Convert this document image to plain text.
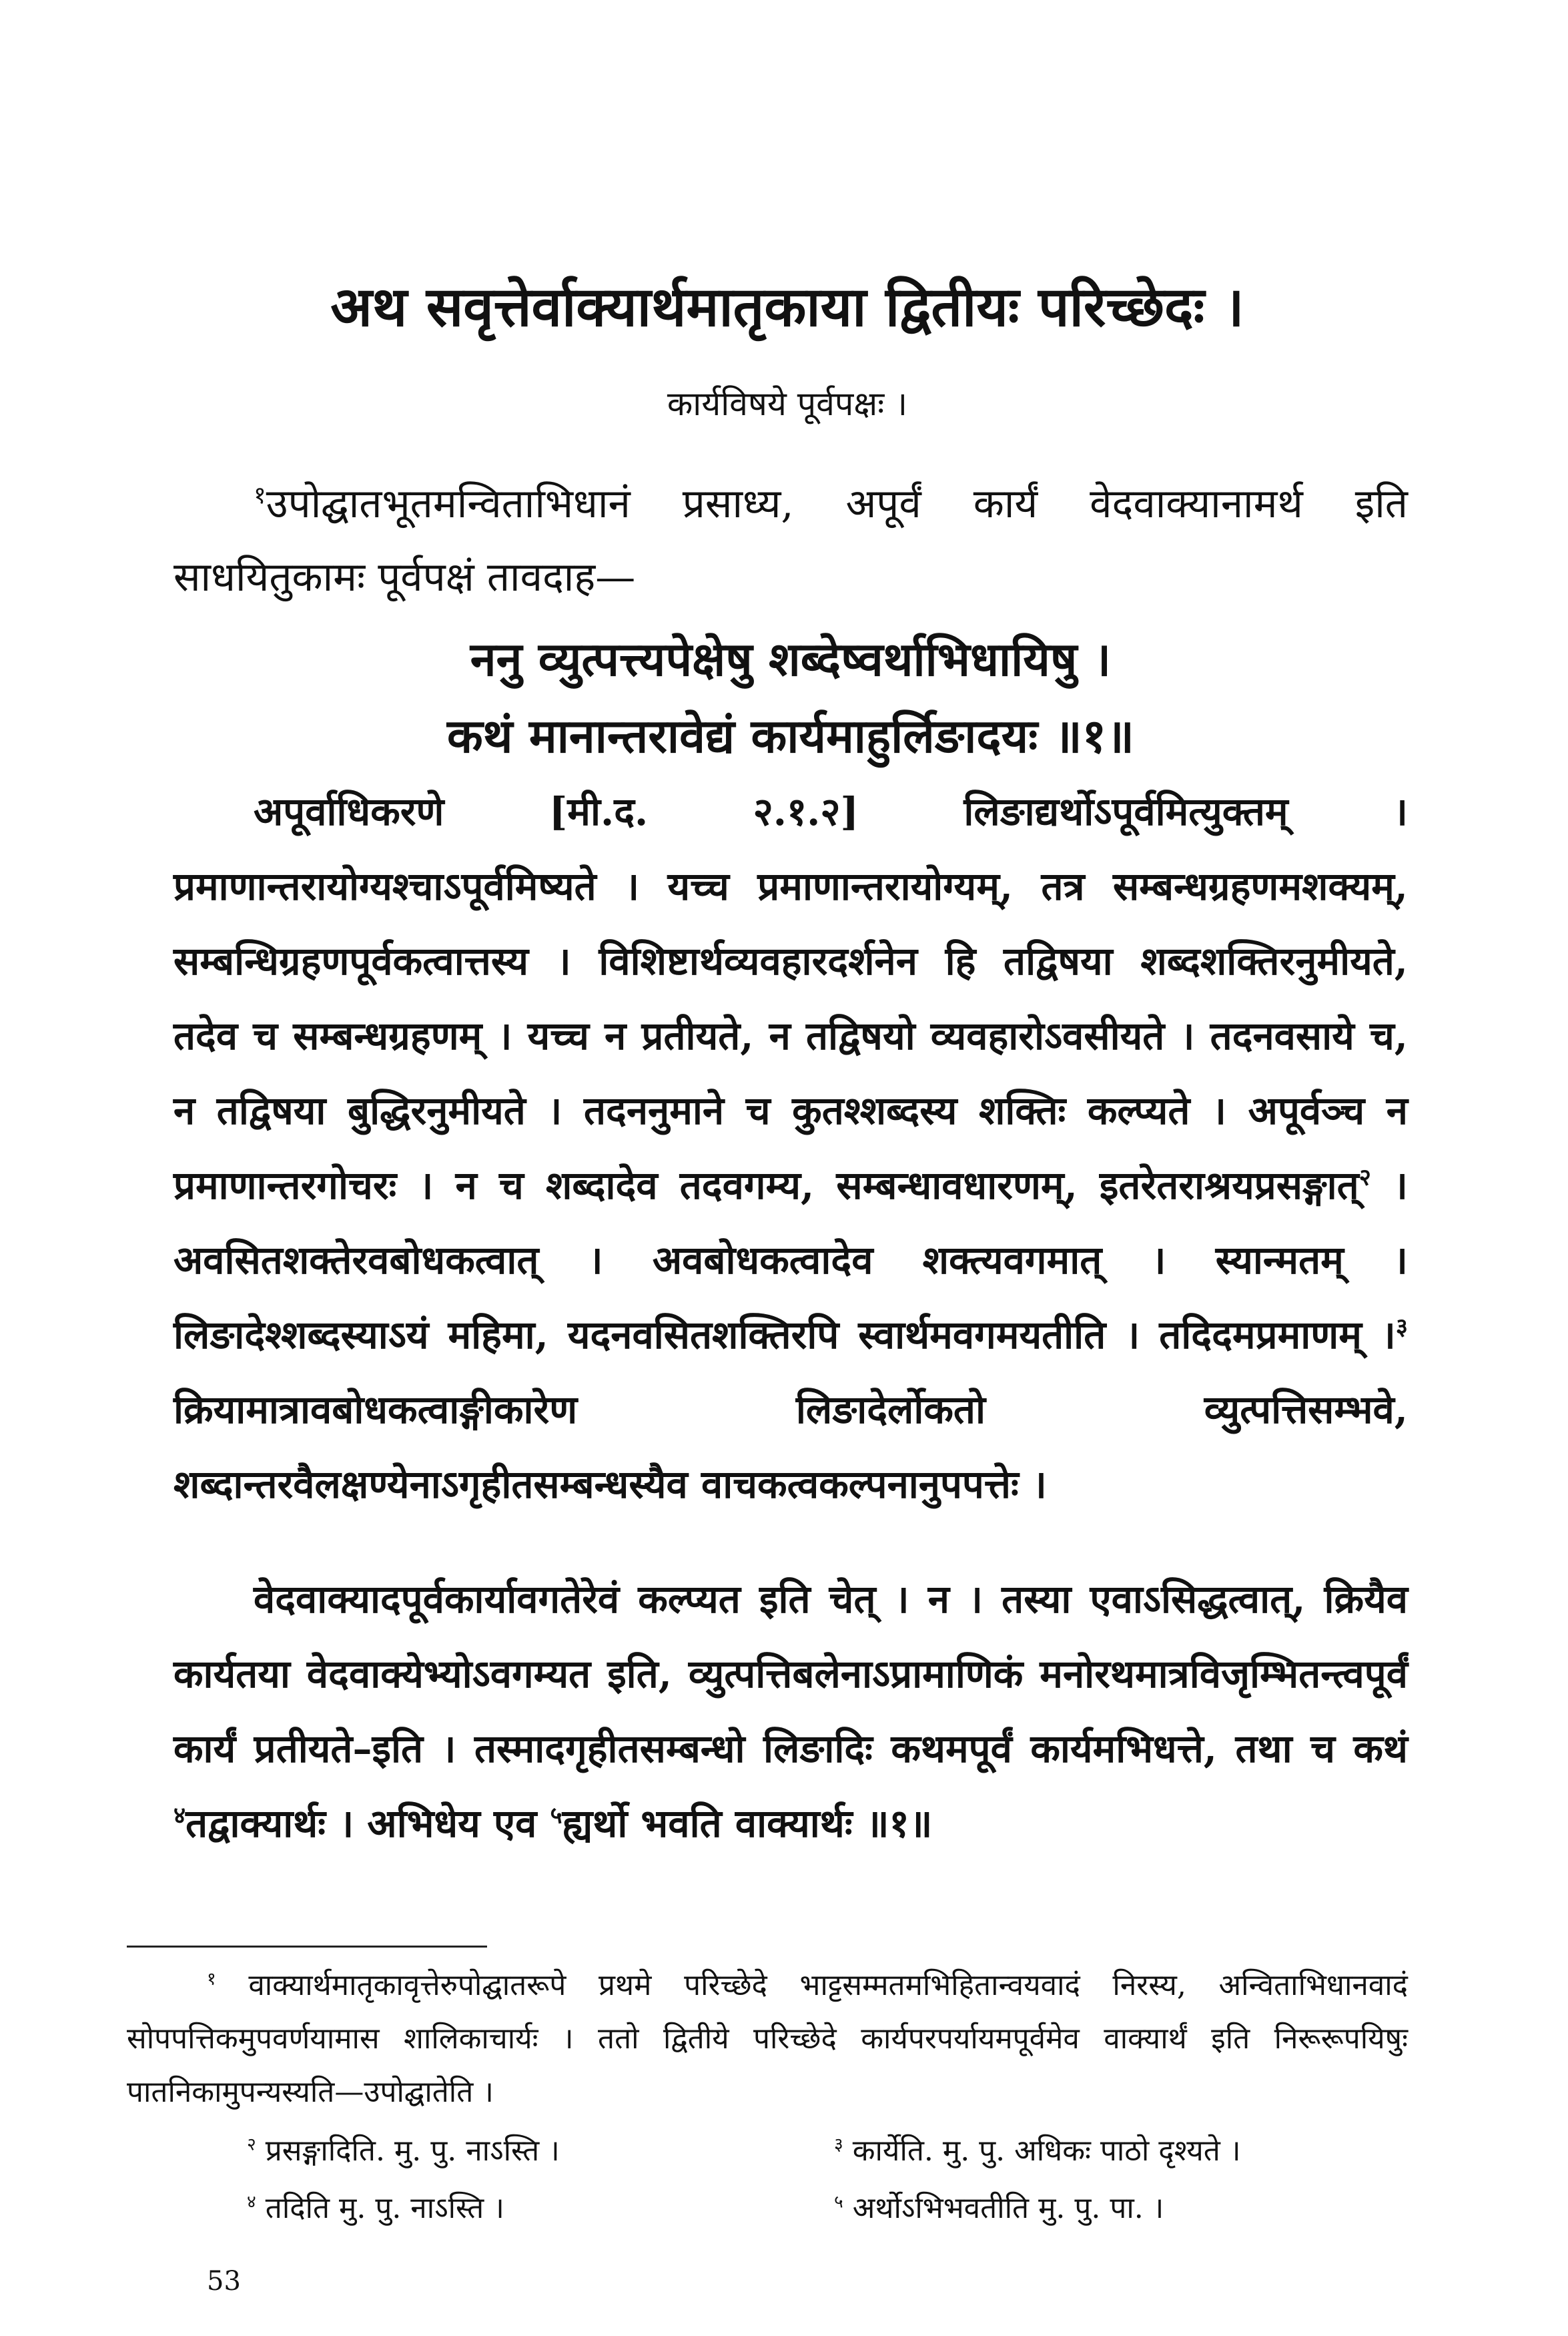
अथ सवृत्तेर्वाक्यार्थमातृकाया द्वितीयः परिच्छेदः ।
कार्यविषये पूर्वपक्षः ।
$^१$उपोद्घातभूतमन्विताभिधानं प्रसाध्य, अपूर्वं कार्यं वेदवाक्यानामर्थ इति साधयितुकामः पूर्वपक्षं तावदाह—
ननु व्युत्पत्त्यपेक्षेषु शब्देष्वर्थाभिधायिषु ।
कथं मानान्तरावेद्यं कार्यमाहुर्लिङादयः ॥१॥
अपूर्वाधिकरणे [मी.द. २.१.२] लिङाद्यर्थोऽपूर्वमित्युक्तम् । प्रमाणान्तरायोग्यश्चाऽपूर्वमिष्यते । यच्च प्रमाणान्तरायोग्यम्, तत्र सम्बन्धग्रहणमशक्यम्, सम्बन्धिग्रहणपूर्वकत्वात्तस्य । विशिष्टार्थव्यवहारदर्शनेन हि तद्विषया शब्दशक्तिरनुमीयते, तदेव च सम्बन्धग्रहणम् । यच्च न प्रतीयते, न तद्विषयो व्यवहारोऽवसीयते । तदनवसाये च, न तद्विषया बुद्धिरनुमीयते । तदननुमाने च कुतश्शब्दस्य शक्तिः कल्प्यते । अपूर्वञ्च न प्रमाणान्तरगोचरः । न च शब्दादेव तदवगम्य, सम्बन्धावधारणम्, इतरेतराश्रयप्रसङ्गात्$^२$ । अवसितशक्तेरवबोधकत्वात् । अवबोधकत्वादेव शक्त्यवगमात् । स्यान्मतम् । लिङादेश्शब्दस्याऽयं महिमा, यदनवसितशक्तिरपि स्वार्थमवगमयतीति । तदिदमप्रमाणम् ।$^३$ क्रियामात्रावबोधकत्वाङ्गीकारेण लिङादेर्लोकतो व्युत्पत्तिसम्भवे, शब्दान्तरवैलक्षण्येनाऽगृहीतसम्बन्धस्यैव वाचकत्वकल्पनानुपपत्तेः ।
वेदवाक्यादपूर्वकार्यावगतेरेवं कल्प्यत इति चेत् । न । तस्या एवाऽसिद्धत्वात्, क्रियैव कार्यतया वेदवाक्येभ्योऽवगम्यत इति, व्युत्पत्तिबलेनाऽप्रामाणिकं मनोरथमात्रविजृम्भितन्त्वपूर्वं कार्यं प्रतीयते–इति । तस्मादगृहीतसम्बन्धो लिङादिः कथमपूर्वं कार्यमभिधत्ते, तथा च कथं $^४$तद्वाक्यार्थः । अभिधेय एव $^५$ह्यर्थो भवति वाक्यार्थः ॥१॥
$^१$ वाक्यार्थमातृकावृत्तेरुपोद्घातरूपे प्रथमे परिच्छेदे भाट्टसम्मतमभिहितान्वयवादं निरस्य, अन्विताभिधानवादं सोपपत्तिकमुपवर्णयामास शालिकाचार्यः । ततो द्वितीये परिच्छेदे कार्यपरपर्यायमपूर्वमेव वाक्यार्थं इति निरूरूपयिषुः पातनिकामुपन्यस्यति—उपोद्घातेति ।
$^२$ प्रसङ्गादिति. मु. पु. नाऽस्ति ।	$^३$ कार्येति. मु. पु. अधिकः पाठो दृश्यते ।
$^४$ तदिति मु. पु. नाऽस्ति ।	$^५$ अर्थोऽभिभवतीति मु. पु. पा. ।
53
